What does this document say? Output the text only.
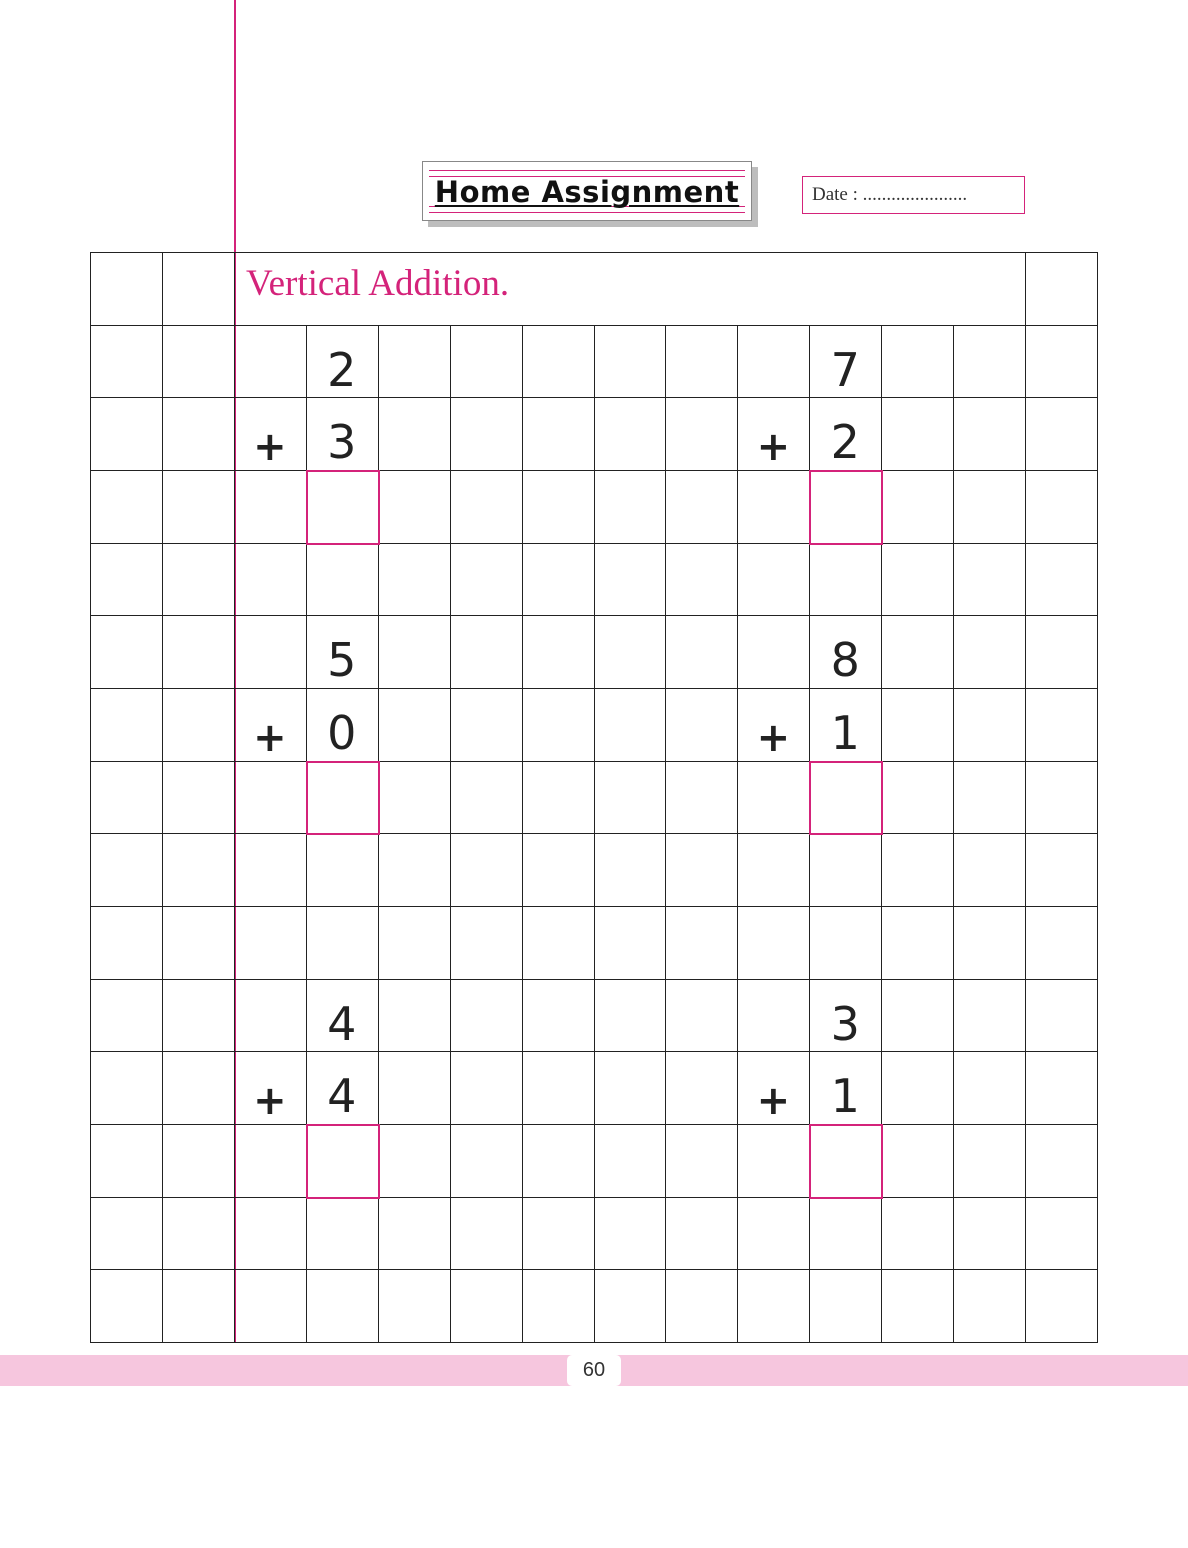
Home Assignment	Date : ......................
Vertical Addition.
2
3
+
7
2
+
5
0
+
8
1
+
4
4
+
3
1
+
60
